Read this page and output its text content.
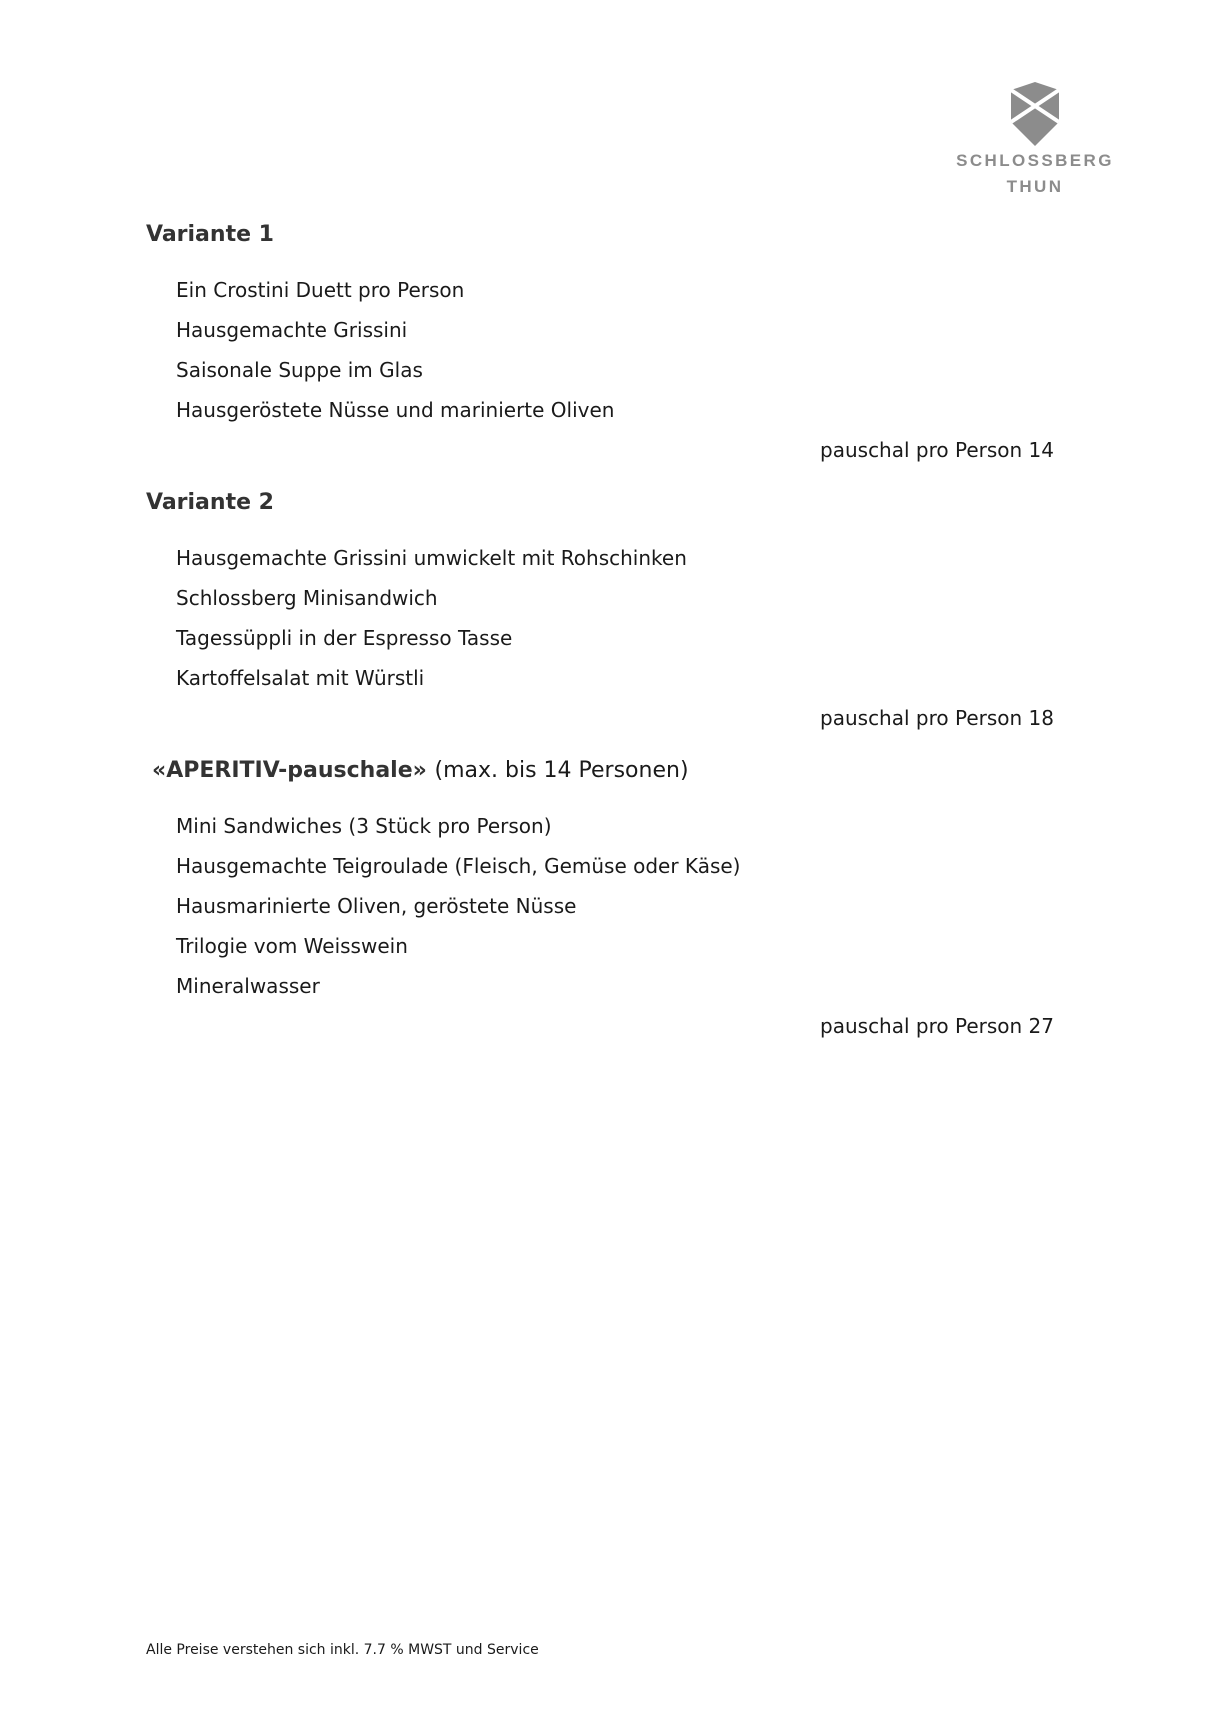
SCHLOSSBERG
THUN
Variante 1
Ein Crostini Duett pro Person
Hausgemachte Grissini
Saisonale Suppe im Glas
Hausgeröstete Nüsse und marinierte Oliven
pauschal pro Person 14
Variante 2
Hausgemachte Grissini umwickelt mit Rohschinken
Schlossberg Minisandwich
Tagessüppli in der Espresso Tasse
Kartoffelsalat mit Würstli
pauschal pro Person 18
«APERITIV-pauschale» (max. bis 14 Personen)
Mini Sandwiches (3 Stück pro Person)
Hausgemachte Teigroulade (Fleisch, Gemüse oder Käse)
Hausmarinierte Oliven, geröstete Nüsse
Trilogie vom Weisswein
Mineralwasser
pauschal pro Person 27
Alle Preise verstehen sich inkl. 7.7 % MWST und Service
